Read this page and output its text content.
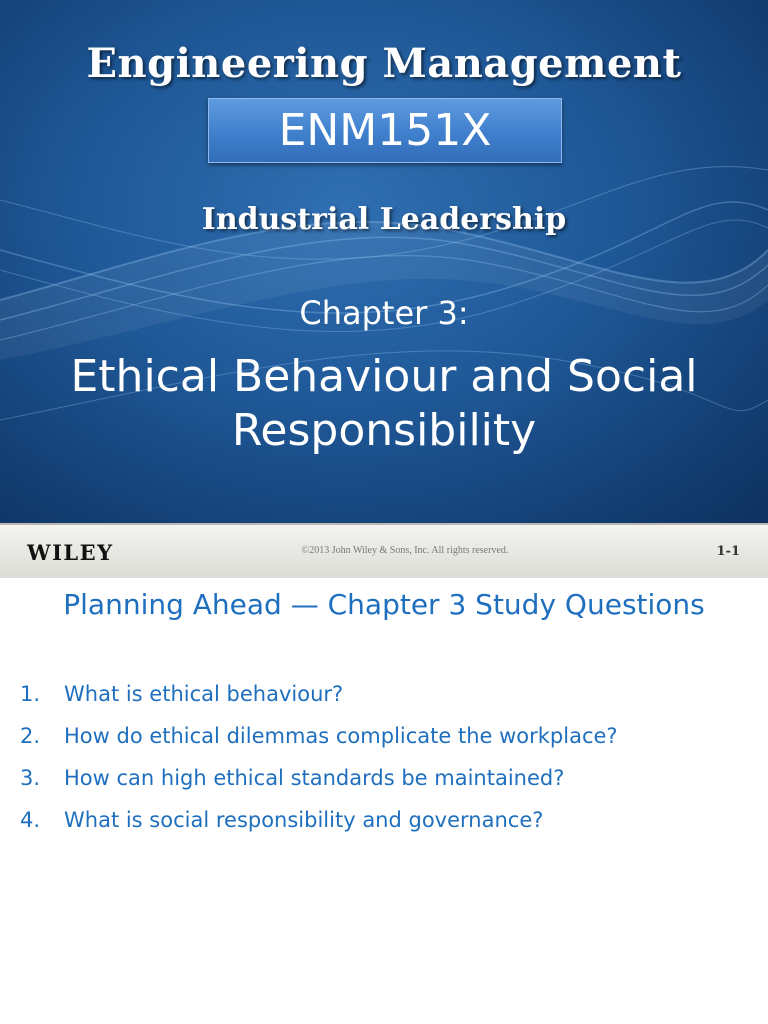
Engineering Management
ENM151X
Industrial Leadership
Chapter 3:
Ethical Behaviour and Social Responsibility
WILEY	©2013 John Wiley & Sons, Inc. All rights reserved.	1-1
Planning Ahead — Chapter 3 Study Questions
1. What is ethical behaviour?
2. How do ethical dilemmas complicate the workplace?
3. How can high ethical standards be maintained?
4. What is social responsibility and governance?
